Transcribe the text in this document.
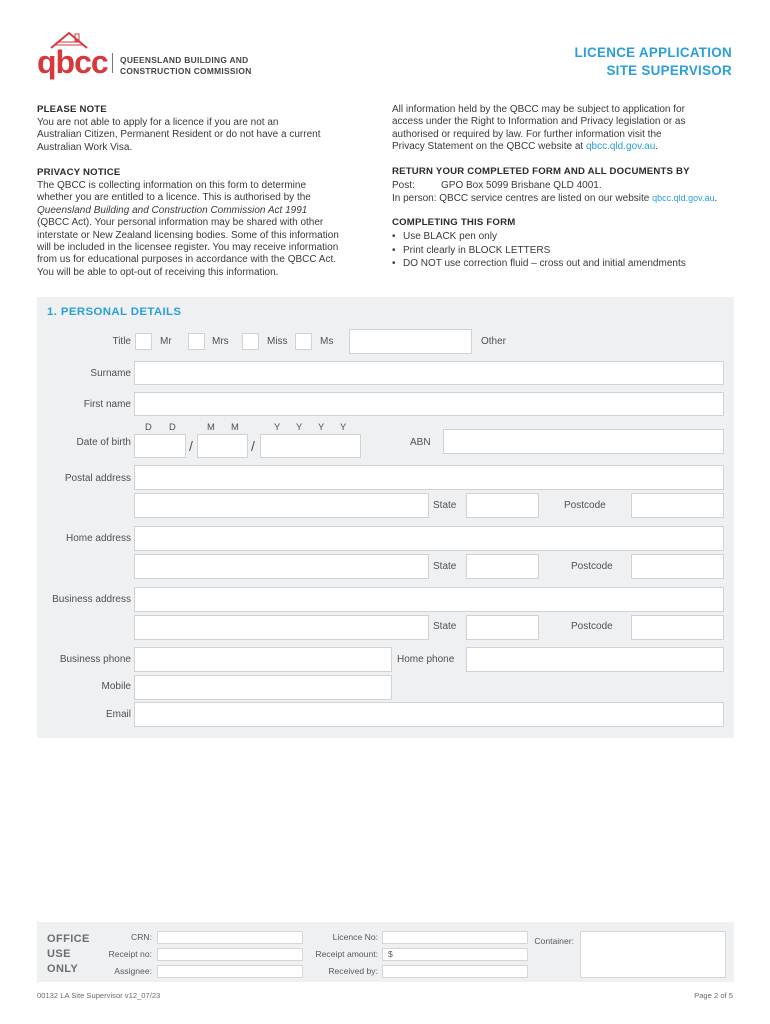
qbcc QUEENSLAND BUILDING AND
CONSTRUCTION COMMISSION
LICENCE APPLICATION
SITE SUPERVISOR
PLEASE NOTE
You are not able to apply for a licence if you are not an
Australian Citizen, Permanent Resident or do not have a current
Australian Work Visa.
PRIVACY NOTICE
The QBCC is collecting information on this form to determine
whether you are entitled to a licence. This is authorised by the
Queensland Building and Construction Commission Act 1991
(QBCC Act). Your personal information may be shared with other
interstate or New Zealand licensing bodies. Some of this information
will be included in the licensee register. You may receive information
from us for educational purposes in accordance with the QBCC Act.
You will be able to opt-out of receiving this information.
All information held by the QBCC may be subject to application for
access under the Right to Information and Privacy legislation or as
authorised or required by law. For further information visit the
Privacy Statement on the QBCC website at qbcc.qld.gov.au.
RETURN YOUR COMPLETED FORM AND ALL DOCUMENTS BY
Post:	GPO Box 5099 Brisbane QLD 4001.
In person: QBCC service centres are listed on our website qbcc.qld.gov.au.
COMPLETING THIS FORM
• Use BLACK pen only
• Print clearly in BLOCK LETTERS
• DO NOT use correction fluid – cross out and initial amendments
1. PERSONAL DETAILS
Title	Mr	Mrs	Miss	Ms	Other
Surname
First name
D D	M M	Y Y Y Y
Date of birth	/	/	ABN
Postal address
State	Postcode
Home address
State	Postcode
Business address
State	Postcode
Business phone	Home phone
Mobile
Email
OFFICE
USE
ONLY
CRN:
Receipt no:
Assignee:
Licence No:
Receipt amount: $
Received by:
Container:
00132 LA Site Supervisor v12_07/23	Page 2 of 5
